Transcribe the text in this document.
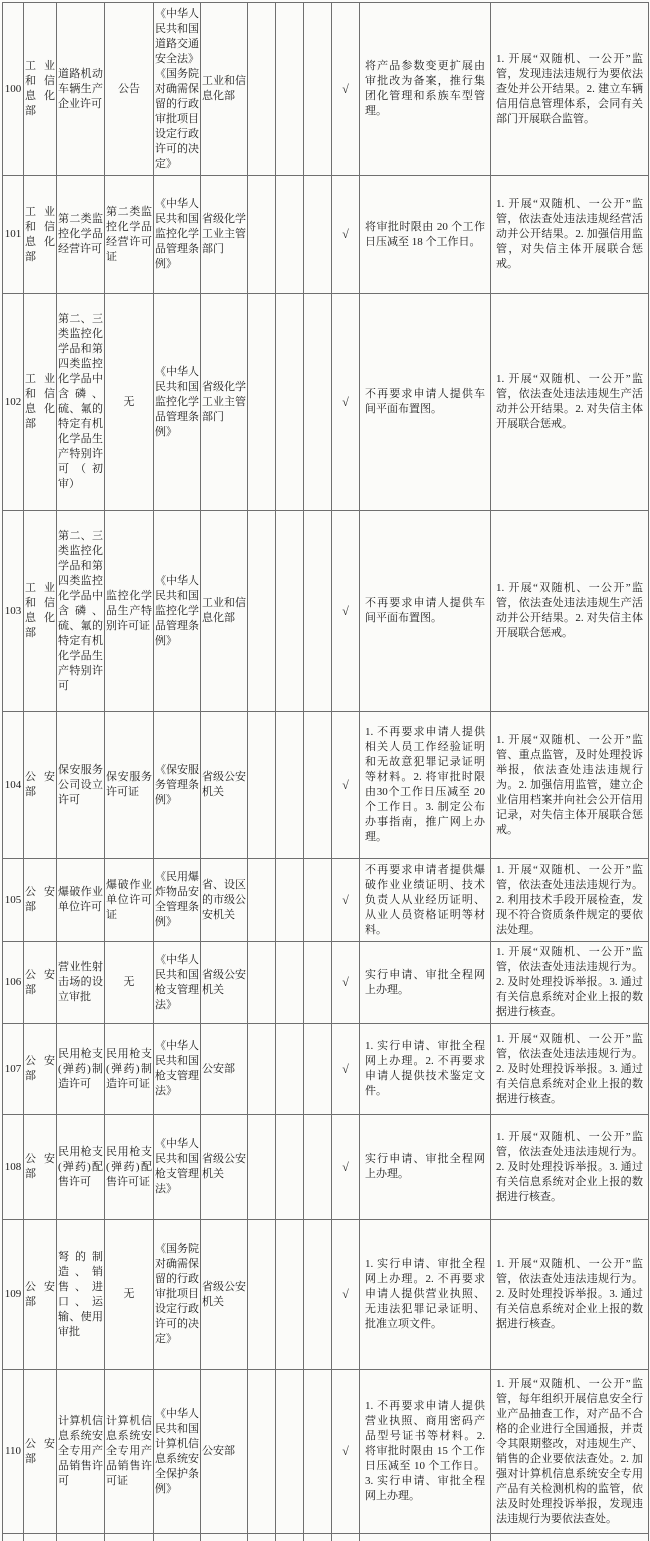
100	工业和信息化部	道路机动车辆生产企业许可	公告	《中华人民共和国道路交通安全法》《国务院对确需保留的行政审批项目设定行政许可的决定》	工业和信息化部				√	将产品参数变更扩展由审批改为备案，推行集团化管理和系族车型管理。	1. 开展“双随机、一公开”监管，发现违法违规行为要依法查处并公开结果。2. 建立车辆信用信息管理体系，会同有关部门开展联合监管。
101	工业和信息化部	第二类监控化学品经营许可	第二类监控化学品经营许可证	《中华人民共和国监控化学品管理条例》	省级化学工业主管部门				√	将审批时限由 20 个工作日压减至 18 个工作日。	1. 开展“双随机、一公开”监管，依法查处违法违规经营活动并公开结果。2. 加强信用监管，对失信主体开展联合惩戒。
102	工业和信息化部	第二、三类监控化学品和第四类监控化学品中含磷、硫、氟的特定有机化学品生产特别许可（初审）	无	《中华人民共和国监控化学品管理条例》	省级化学工业主管部门				√	不再要求申请人提供车间平面布置图。	1. 开展“双随机、一公开”监管，依法查处违法违规生产活动并公开结果。2. 对失信主体开展联合惩戒。
103	工业和信息化部	第二、三类监控化学品和第四类监控化学品中含磷、硫、氟的特定有机化学品生产特别许可	监控化学品生产特别许可证	《中华人民共和国监控化学品管理条例》	工业和信息化部				√	不再要求申请人提供车间平面布置图。	1. 开展“双随机、一公开”监管，依法查处违法违规生产活动并公开结果。2. 对失信主体开展联合惩戒。
104	公安部	保安服务公司设立许可	保安服务许可证	《保安服务管理条例》	省级公安机关				√	1. 不再要求申请人提供相关人员工作经验证明和无故意犯罪记录证明等材料。2. 将审批时限由30个工作日压减至 20 个工作日。3. 制定公布办事指南，推广网上办理。	1. 开展“双随机、一公开”监管、重点监管，及时处理投诉举报，依法查处违法违规行为。2. 加强信用监管，建立企业信用档案并向社会公开信用记录，对失信主体开展联合惩戒。
105	公安部	爆破作业单位许可	爆破作业单位许可证	《民用爆炸物品安全管理条例》	省、设区的市级公安机关				√	不再要求申请者提供爆破作业业绩证明、技术负责人从业经历证明、从业人员资格证明等材料。	1. 开展“双随机、一公开”监管，依法查处违法违规行为。2. 利用技术手段开展检查，发现不符合资质条件规定的要依法处理。
106	公安部	营业性射击场的设立审批	无	《中华人民共和国枪支管理法》	省级公安机关				√	实行申请、审批全程网上办理。	1. 开展“双随机、一公开”监管，依法查处违法违规行为。2. 及时处理投诉举报。3. 通过有关信息系统对企业上报的数据进行核查。
107	公安部	民用枪支(弹药)制造许可	民用枪支(弹药)制造许可证	《中华人民共和国枪支管理法》	公安部				√	1. 实行申请、审批全程网上办理。2. 不再要求申请人提供技术鉴定文件。	1. 开展“双随机、一公开”监管，依法查处违法违规行为。2. 及时处理投诉举报。3. 通过有关信息系统对企业上报的数据进行核查。
108	公安部	民用枪支(弹药)配售许可	民用枪支(弹药)配售许可证	《中华人民共和国枪支管理法》	省级公安机关				√	实行申请、审批全程网上办理。	1. 开展“双随机、一公开”监管，依法查处违法违规行为。2. 及时处理投诉举报。3. 通过有关信息系统对企业上报的数据进行核查。
109	公安部	弩的制造、销售、进口、运输、使用审批	无	《国务院对确需保留的行政审批项目设定行政许可的决定》	省级公安机关				√	1. 实行申请、审批全程网上办理。2. 不再要求申请人提供营业执照、无违法犯罪记录证明、批准立项文件。	1. 开展“双随机、一公开”监管，依法查处违法违规行为。2. 及时处理投诉举报。3. 通过有关信息系统对企业上报的数据进行核查。
110	公安部	计算机信息系统安全专用产品销售许可	计算机信息系统安全专用产品销售许可证	《中华人民共和国计算机信息系统安全保护条例》	公安部				√	1. 不再要求申请人提供营业执照、商用密码产品型号证书等材料。2. 将审批时限由 15 个工作日压减至 10 个工作日。3. 实行申请、审批全程网上办理。	1. 开展“双随机、一公开”监管，每年组织开展信息安全行业产品抽查工作，对产品不合格的企业进行全国通报，并责令其限期整改，对违规生产、销售的企业要依法查处。2. 加强对计算机信息系统安全专用产品有关检测机构的监管，依法及时处理投诉举报，发现违法违规行为要依法查处。
